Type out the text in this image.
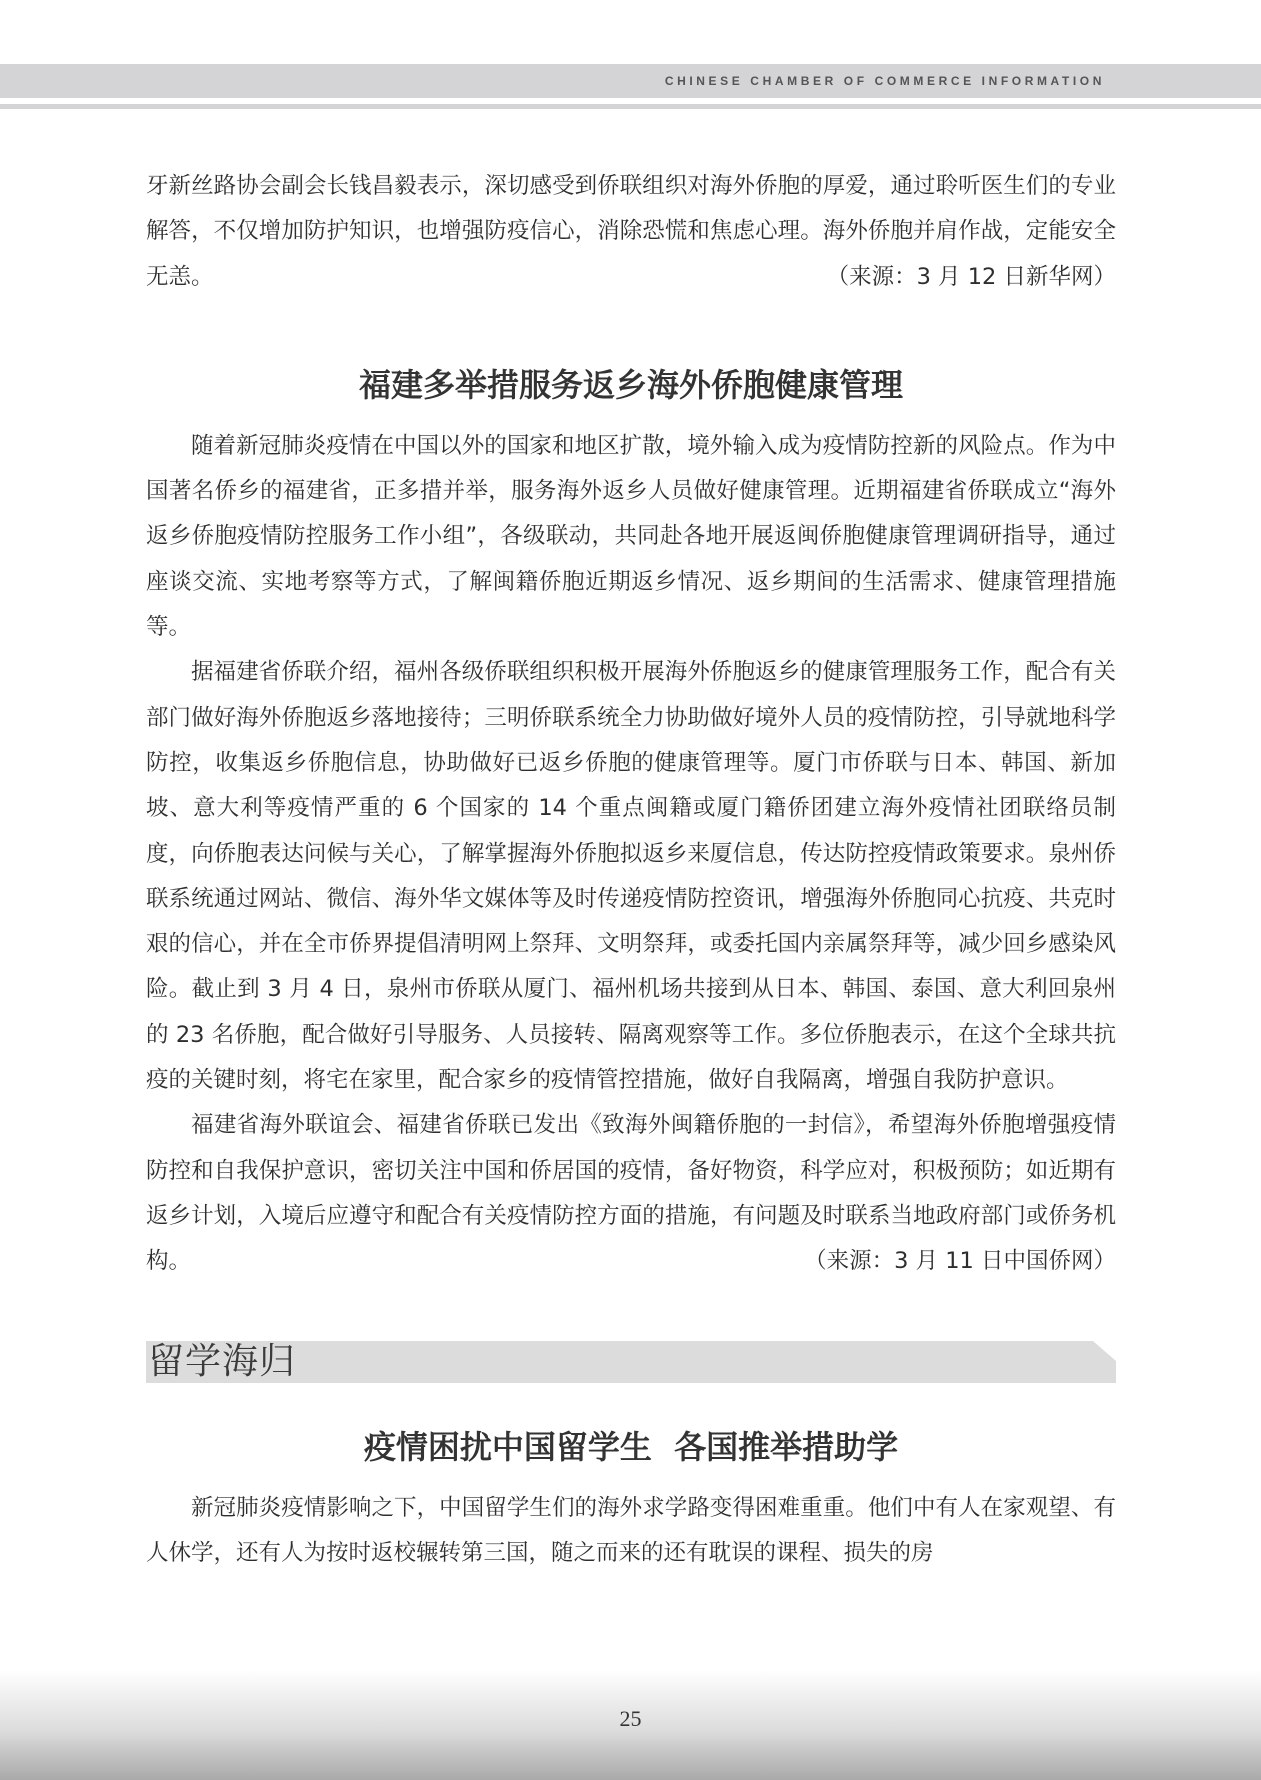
CHINESE CHAMBER OF COMMERCE INFORMATION

牙新丝路协会副会长钱昌毅表示，深切感受到侨联组织对海外侨胞的厚爱，通过聆听医生们的专业解答，不仅增加防护知识，也增强防疫信心，消除恐慌和焦虑心理。海外侨胞并肩作战，定能安全无恙。	（来源：3 月 12 日新华网）
福建多举措服务返乡海外侨胞健康管理

随着新冠肺炎疫情在中国以外的国家和地区扩散，境外输入成为疫情防控新的风险点。作为中国著名侨乡的福建省，正多措并举，服务海外返乡人员做好健康管理。近期福建省侨联成立“海外返乡侨胞疫情防控服务工作小组”，各级联动，共同赴各地开展返闽侨胞健康管理调研指导，通过座谈交流、实地考察等方式，了解闽籍侨胞近期返乡情况、返乡期间的生活需求、健康管理措施等。

据福建省侨联介绍，福州各级侨联组织积极开展海外侨胞返乡的健康管理服务工作，配合有关部门做好海外侨胞返乡落地接待；三明侨联系统全力协助做好境外人员的疫情防控，引导就地科学防控，收集返乡侨胞信息，协助做好已返乡侨胞的健康管理等。厦门市侨联与日本、韩国、新加坡、意大利等疫情严重的 6 个国家的 14 个重点闽籍或厦门籍侨团建立海外疫情社团联络员制度，向侨胞表达问候与关心，了解掌握海外侨胞拟返乡来厦信息，传达防控疫情政策要求。泉州侨联系统通过网站、微信、海外华文媒体等及时传递疫情防控资讯，增强海外侨胞同心抗疫、共克时艰的信心，并在全市侨界提倡清明网上祭拜、文明祭拜，或委托国内亲属祭拜等，减少回乡感染风险。截止到 3 月 4 日，泉州市侨联从厦门、福州机场共接到从日本、韩国、泰国、意大利回泉州的 23 名侨胞，配合做好引导服务、人员接转、隔离观察等工作。多位侨胞表示，在这个全球共抗疫的关键时刻，将宅在家里，配合家乡的疫情管控措施，做好自我隔离，增强自我防护意识。

福建省海外联谊会、福建省侨联已发出《致海外闽籍侨胞的一封信》，希望海外侨胞增强疫情防控和自我保护意识，密切关注中国和侨居国的疫情，备好物资，科学应对，积极预防；如近期有返乡计划，入境后应遵守和配合有关疫情防控方面的措施，有问题及时联系当地政府部门或侨务机构。	（来源：3 月 11 日中国侨网）
留学海归
疫情困扰中国留学生  各国推举措助学

新冠肺炎疫情影响之下，中国留学生们的海外求学路变得困难重重。他们中有人在家观望、有人休学，还有人为按时返校辗转第三国，随之而来的还有耽误的课程、损失的房

25
